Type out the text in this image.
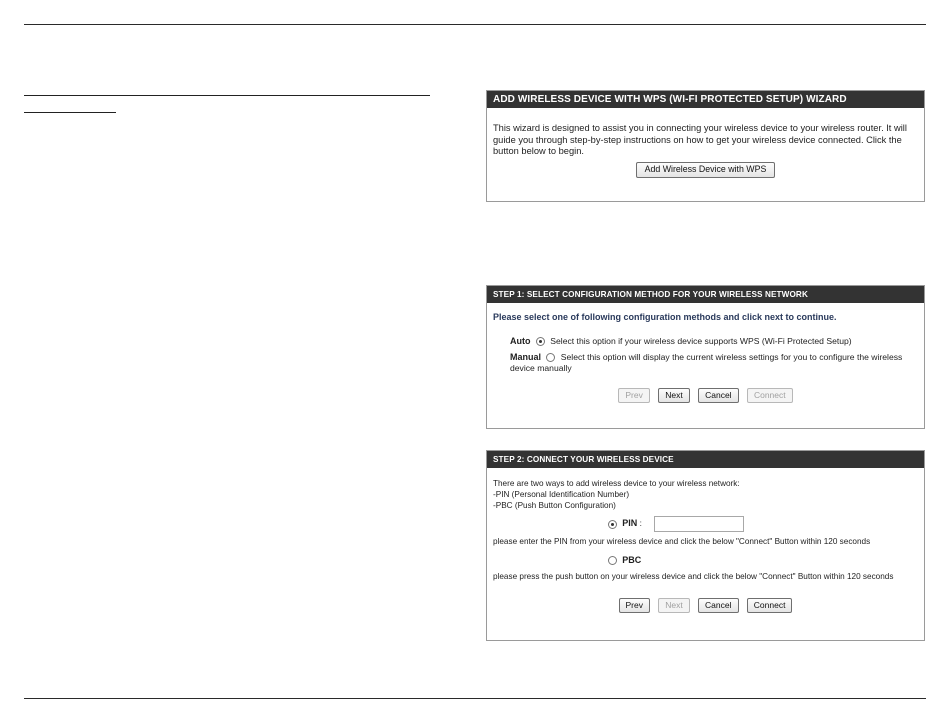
ADD WIRELESS DEVICE WITH WPS (WI-FI PROTECTED SETUP) WIZARD
This wizard is designed to assist you in connecting your wireless device to your wireless router. It will guide you through step-by-step instructions on how to get your wireless device connected. Click the button below to begin.
Add Wireless Device with WPS
STEP 1: SELECT CONFIGURATION METHOD FOR YOUR WIRELESS NETWORK
Please select one of following configuration methods and click next to continue.
Auto Select this option if your wireless device supports WPS (Wi-Fi Protected Setup)
Manual Select this option will display the current wireless settings for you to configure the wireless device manually
Prev	Next	Cancel	Connect
STEP 2: CONNECT YOUR WIRELESS DEVICE
There are two ways to add wireless device to your wireless network:
-PIN (Personal Identification Number)
-PBC (Push Button Configuration)
PIN :
please enter the PIN from your wireless device and click the below "Connect" Button within 120 seconds
PBC
please press the push button on your wireless device and click the below "Connect" Button within 120 seconds
Prev	Next	Cancel	Connect
